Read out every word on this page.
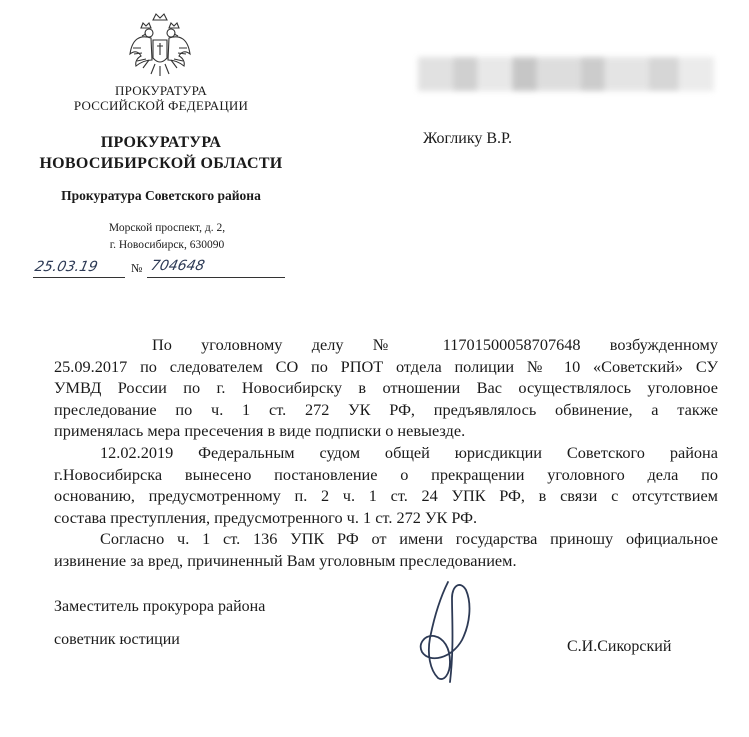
ПРОКУРАТУРА
РОССИЙСКОЙ ФЕДЕРАЦИИ
ПРОКУРАТУРА
НОВОСИБИРСКОЙ ОБЛАСТИ
Прокуратура Советского района
Морской проспект, д. 2,
г. Новосибирск, 630090
25.03.19	№ 704648
Жоглику В.Р.

По уголовному делу № 11701500058707648 возбужденному

25.09.2017 по следователем СО по РПОТ отдела полиции № 10 «Советский» СУ

УМВД России по г. Новосибирску в отношении Вас осуществлялось уголовное

преследование по ч. 1 ст. 272 УК РФ, предъявлялось обвинение, а также

применялась мера пресечения в виде подписки о невыезде.

12.02.2019 Федеральным судом общей юрисдикции Советского района

г.Новосибирска вынесено постановление о прекращении уголовного дела по

основанию, предусмотренному п. 2 ч. 1 ст. 24 УПК РФ, в связи с отсутствием

состава преступления, предусмотренного ч. 1 ст. 272 УК РФ.

Согласно ч. 1 ст. 136 УПК РФ от имени государства приношу официальное

извинение за вред, причиненный Вам уголовным преследованием.

Заместитель прокурора района
советник юстиции	С.И.Сикорский
